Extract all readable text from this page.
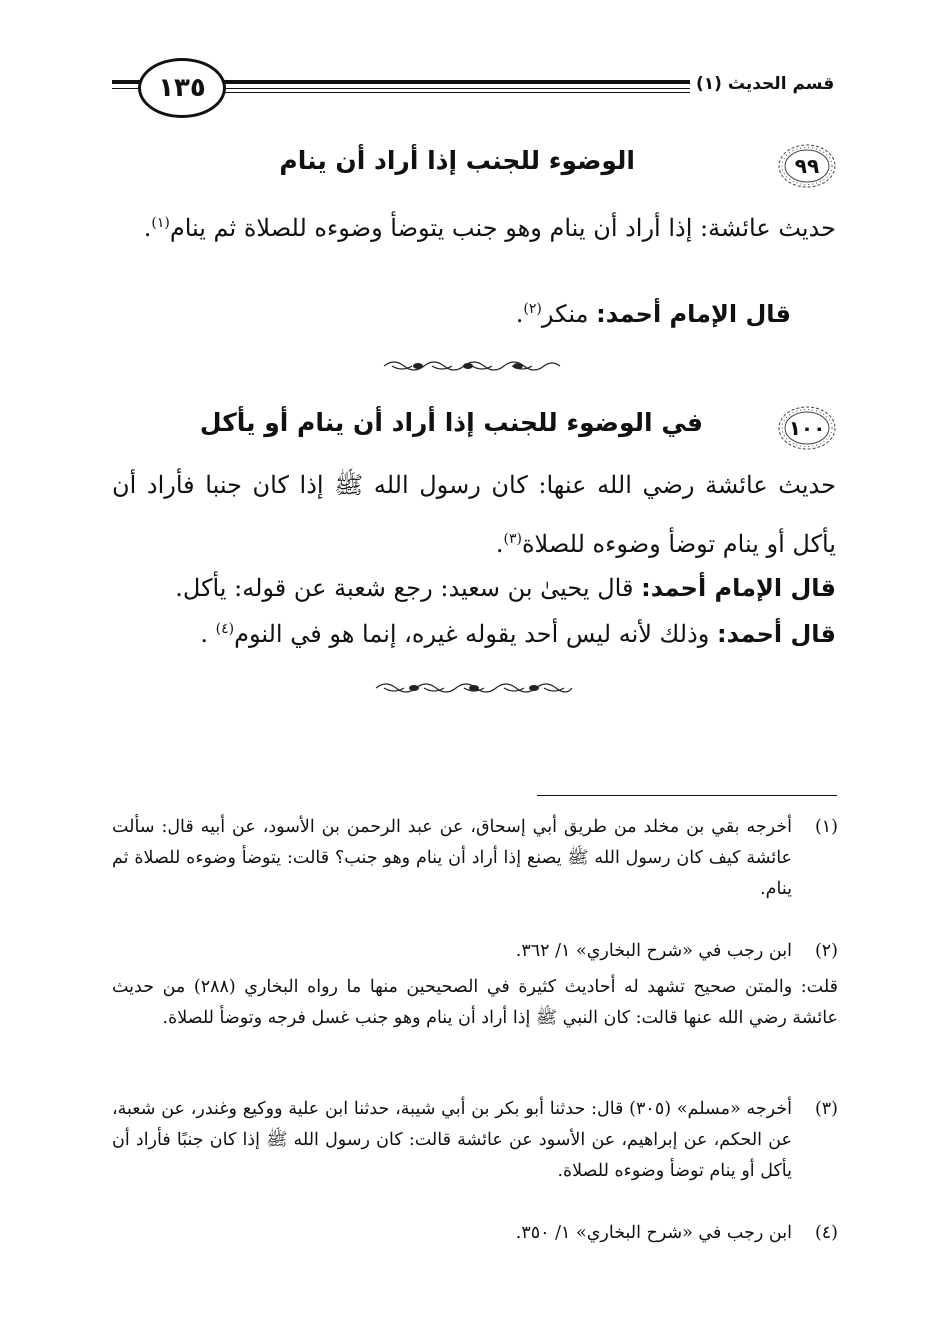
١٣٥	قسم الحديث (١)
٩٩
الوضوء للجنب إذا أراد أن ينام
حديث عائشة: إذا أراد أن ينام وهو جنب يتوضأ وضوءه للصلاة ثم ينام$^{(١)}$.
قال الإمام أحمد: منكر$^{(٢)}$.
١٠٠
في الوضوء للجنب إذا أراد أن ينام أو يأكل
حديث عائشة رضي الله عنها: كان رسول الله ﷺ إذا كان جنبا فأراد أن يأكل أو ينام توضأ وضوءه للصلاة$^{(٣)}$.
قال الإمام أحمد: قال يحيىٰ بن سعيد: رجع شعبة عن قوله: يأكل.
قال أحمد: وذلك لأنه ليس أحد يقوله غيره، إنما هو في النوم$^{(٤)}$ .
(١)
أخرجه بقي بن مخلد من طريق أبي إسحاق، عن عبد الرحمن بن الأسود، عن أبيه قال: سألت عائشة كيف كان رسول الله ﷺ يصنع إذا أراد أن ينام وهو جنب؟ قالت: يتوضأ وضوءه للصلاة ثم ينام.
(٢)
ابن رجب في «شرح البخاري» ١/ ٣٦٢.
قلت: والمتن صحيح تشهد له أحاديث كثيرة في الصحيحين منها ما رواه البخاري (٢٨٨) من حديث عائشة رضي الله عنها قالت: كان النبي ﷺ إذا أراد أن ينام وهو جنب غسل فرجه وتوضأ للصلاة.
(٣)
أخرجه «مسلم» (٣٠٥) قال: حدثنا أبو بكر بن أبي شيبة، حدثنا ابن علية ووكيع وغندر، عن شعبة، عن الحكم، عن إبراهيم، عن الأسود عن عائشة قالت: كان رسول الله ﷺ إذا كان جنبًا فأراد أن يأكل أو ينام توضأ وضوءه للصلاة.
(٤)
ابن رجب في «شرح البخاري» ١/ ٣٥٠.
